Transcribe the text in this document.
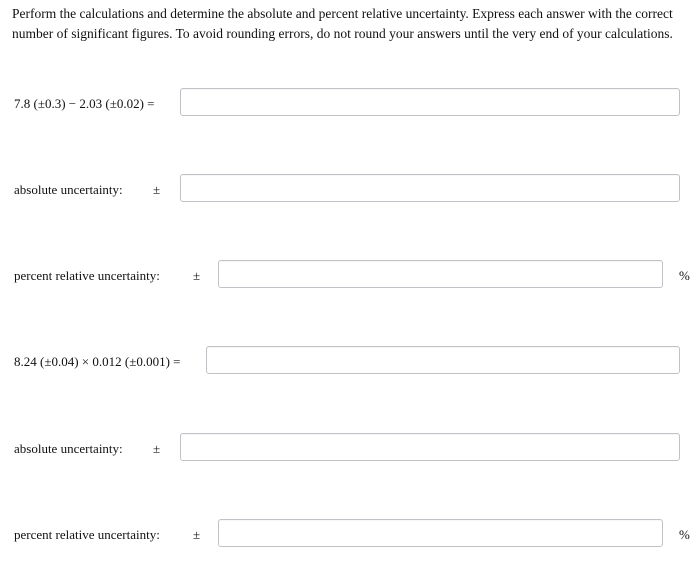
Perform the calculations and determine the absolute and percent relative uncertainty. Express each answer with the correct number of significant figures. To avoid rounding errors, do not round your answers until the very end of your calculations.

7.8 (±0.3) − 2.03 (±0.02) =
absolute uncertainty: ±
percent relative uncertainty:	±	%
8.24 (±0.04) × 0.012 (±0.001) =
absolute uncertainty: ±
percent relative uncertainty:	±	%
